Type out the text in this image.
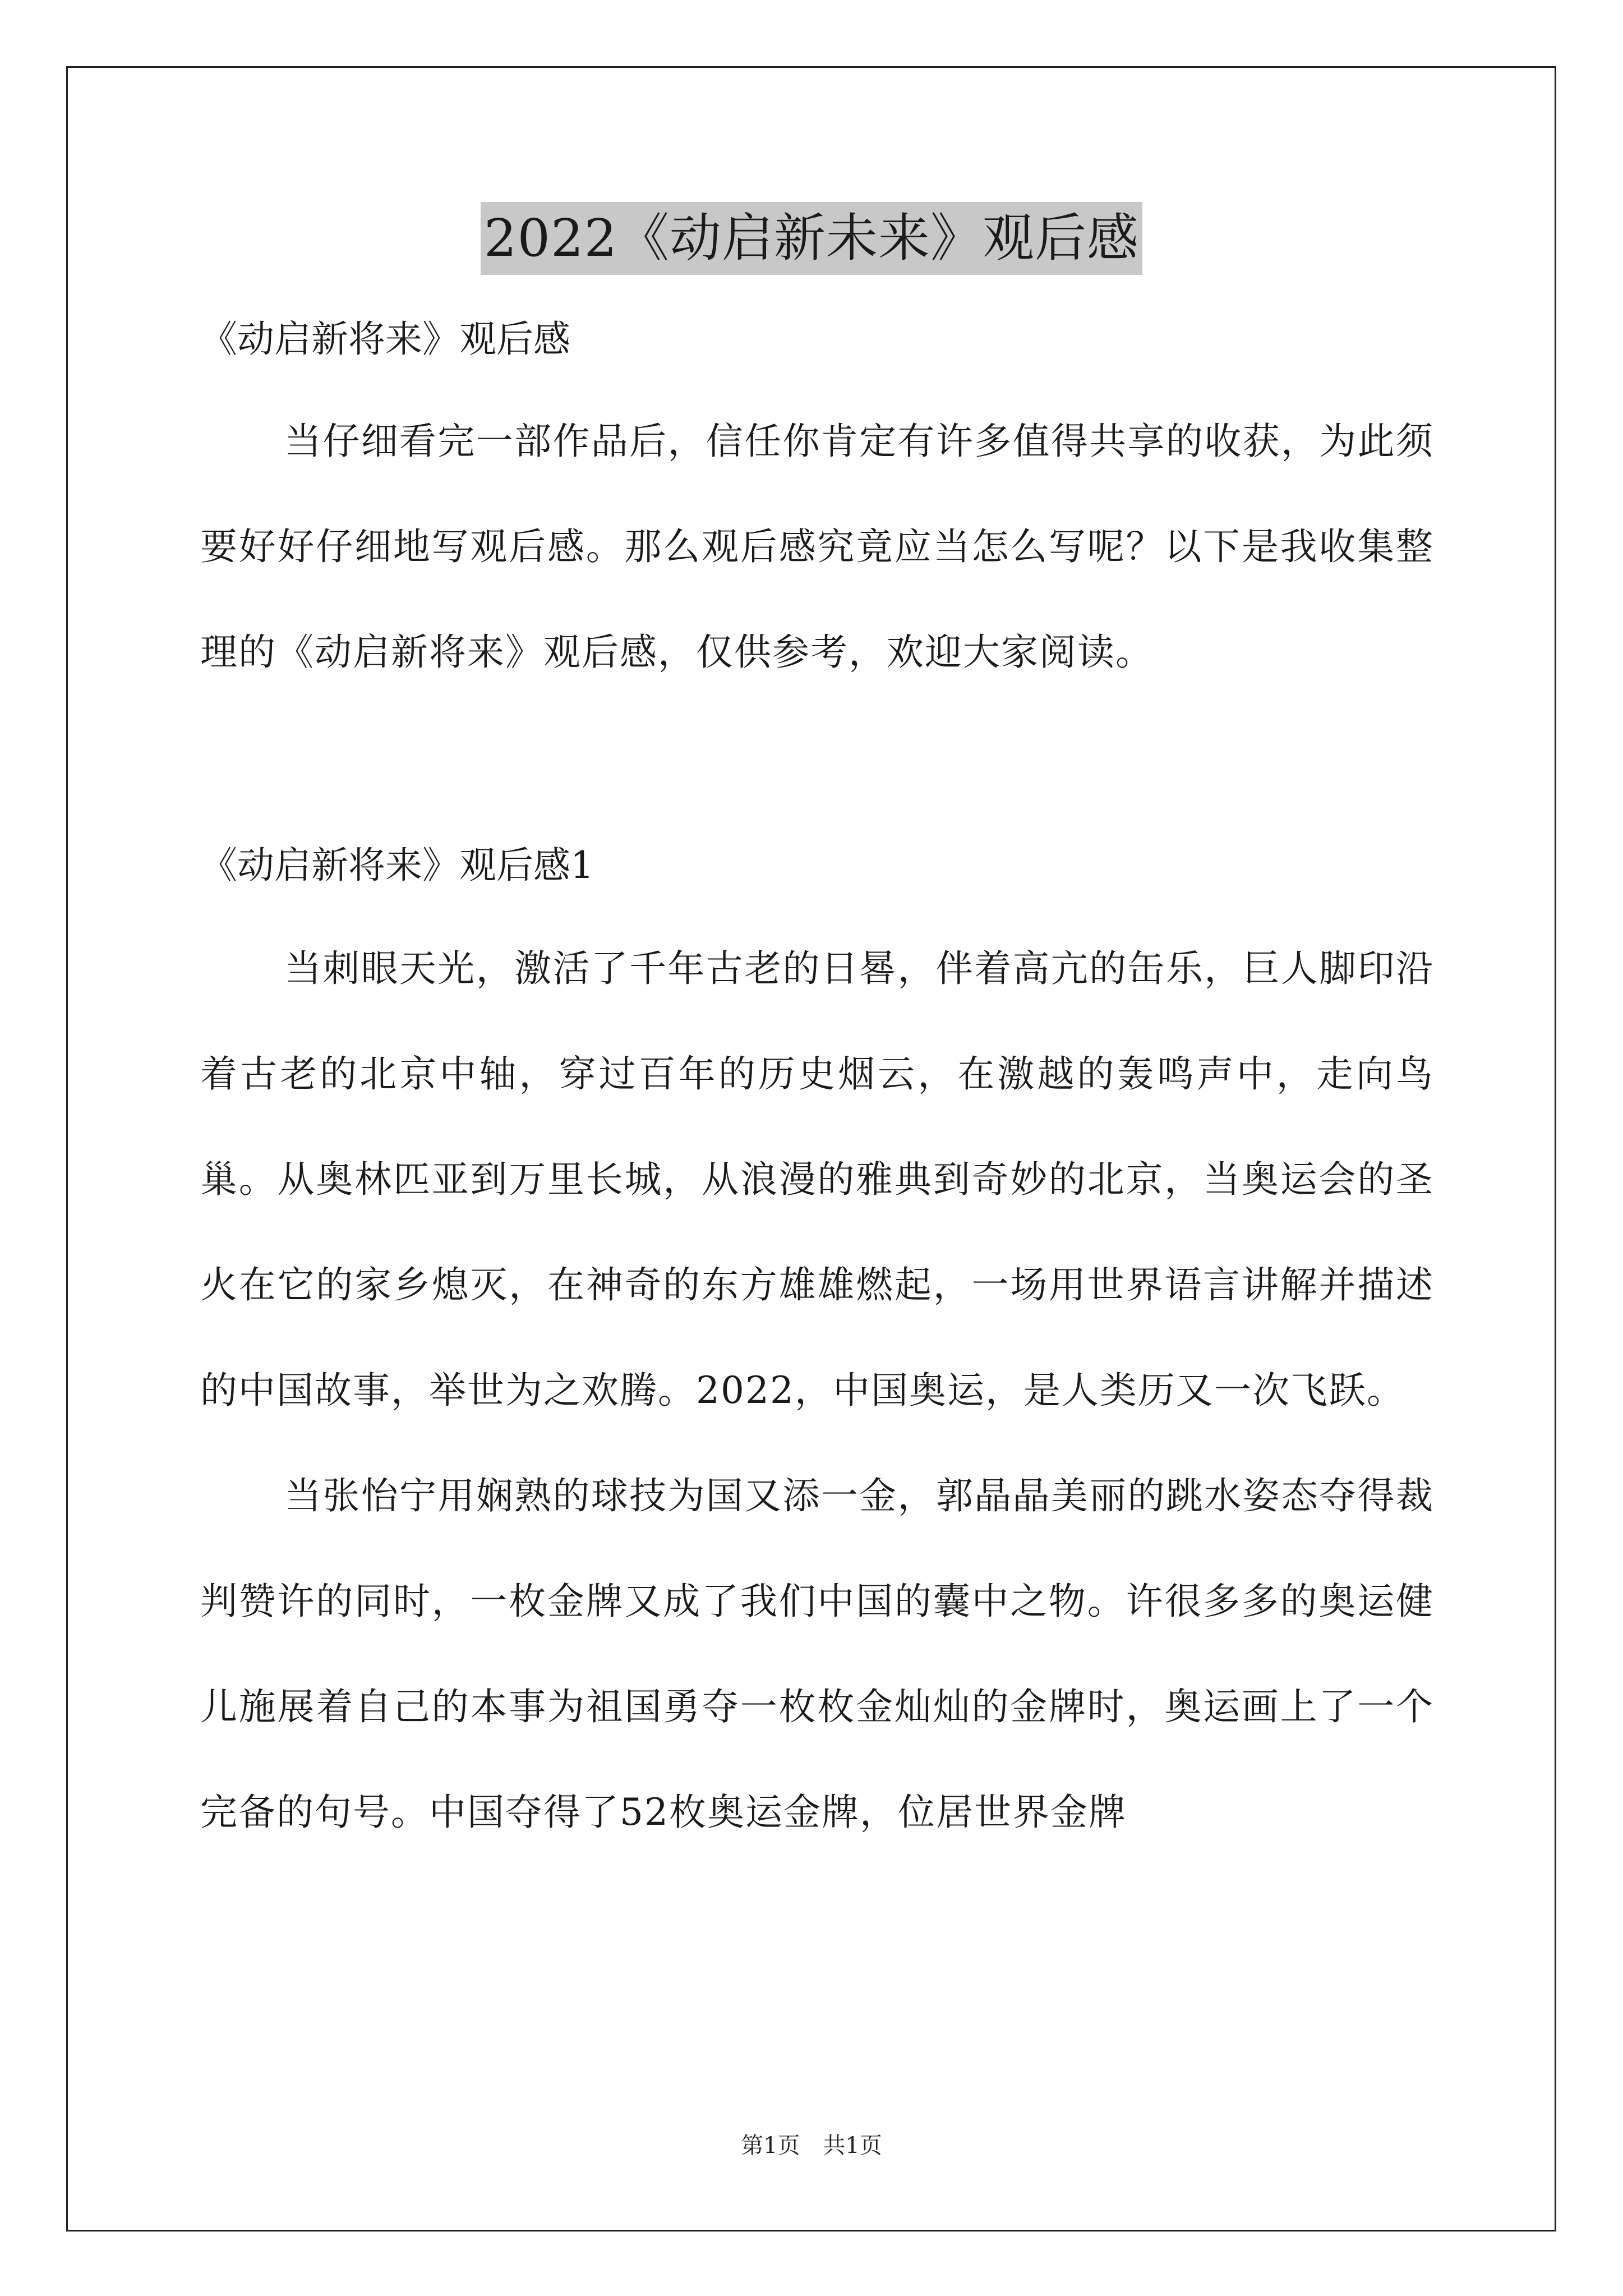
2022《动启新未来》观后感

《动启新将来》观后感

当仔细看完一部作品后，信任你肯定有许多值得共享的收获，为此须要好好仔细地写观后感。那么观后感究竟应当怎么写呢？以下是我收集整理的《动启新将来》观后感，仅供参考，欢迎大家阅读。

《动启新将来》观后感1

当刺眼天光，激活了千年古老的日晷，伴着高亢的缶乐，巨人脚印沿着古老的北京中轴，穿过百年的历史烟云，在激越的轰鸣声中，走向鸟巢。从奥林匹亚到万里长城，从浪漫的雅典到奇妙的北京，当奥运会的圣火在它的家乡熄灭，在神奇的东方雄雄燃起，一场用世界语言讲解并描述的中国故事，举世为之欢腾。2022，中国奥运，是人类历又一次飞跃。

当张怡宁用娴熟的球技为国又添一金，郭晶晶美丽的跳水姿态夺得裁判赞许的同时，一枚金牌又成了我们中国的囊中之物。许很多多的奥运健儿施展着自己的本事为祖国勇夺一枚枚金灿灿的金牌时，奥运画上了一个完备的句号。中国夺得了52枚奥运金牌，位居世界金牌

第1页 共1页
